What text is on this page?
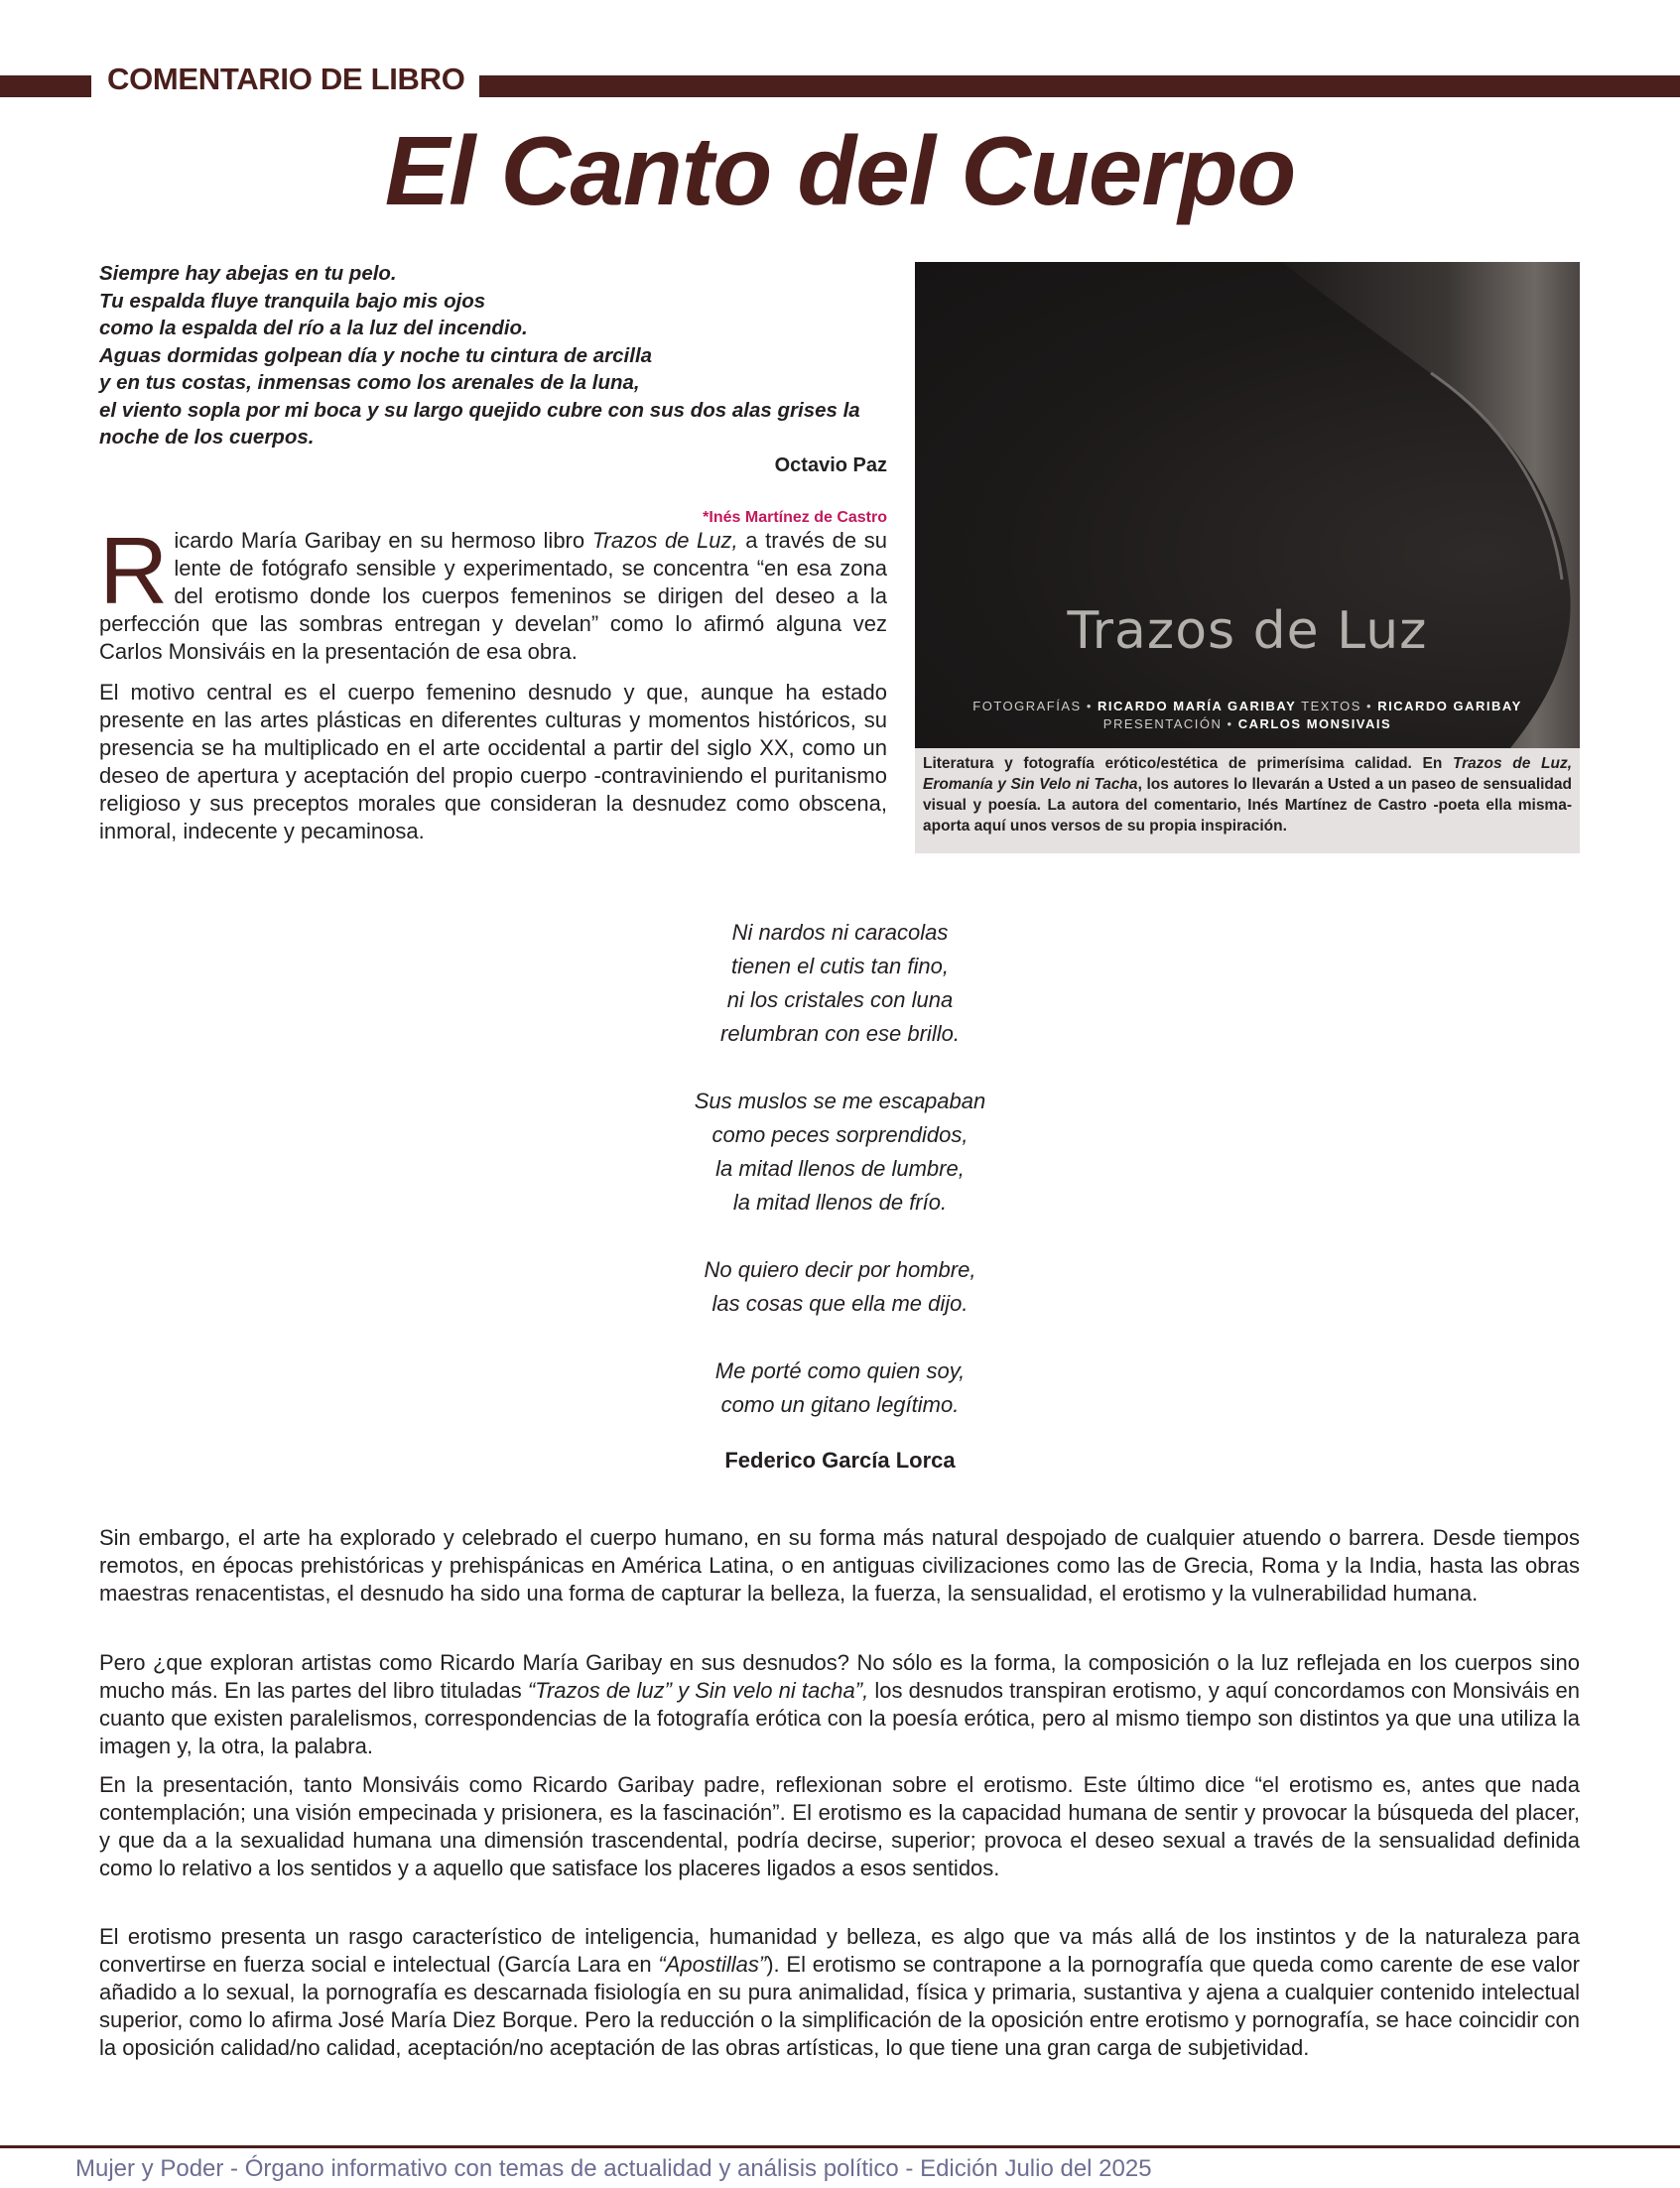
COMENTARIO DE LIBRO
El Canto del Cuerpo
Siempre hay abejas en tu pelo.
Tu espalda fluye tranquila bajo mis ojos
como la espalda del río a la luz del incendio.
Aguas dormidas golpean día y noche tu cintura de arcilla
y en tus costas, inmensas como los arenales de la luna,
el viento sopla por mi boca y su largo quejido cubre con sus dos alas grises la
noche de los cuerpos.
Octavio Paz
*Inés Martínez de Castro
Ricardo María Garibay en su hermoso libro Trazos de Luz, a través de su lente de fotógrafo sensible y experimentado, se concentra “en esa zona del erotismo donde los cuerpos femeninos se dirigen del deseo a la perfección que las sombras entregan y develan” como lo afirmó alguna vez Carlos Monsiváis en la presentación de esa obra.
El motivo central es el cuerpo femenino desnudo y que, aunque ha estado presente en las artes plásticas en diferentes culturas y momentos históricos, su presencia se ha multiplicado en el arte occidental a partir del siglo XX, como un deseo de apertura y aceptación del propio cuerpo -contraviniendo el puritanismo religioso y sus preceptos morales que consideran la desnudez como obscena, inmoral, indecente y pecaminosa.
Trazos de Luz
FOTOGRAFÍAS • RICARDO MARÍA GARIBAY TEXTOS • RICARDO GARIBAY
PRESENTACIÓN • CARLOS MONSIVAIS
Literatura y fotografía erótico/estética de primerísima calidad. En Trazos de Luz, Eromanía y Sin Velo ni Tacha, los autores lo llevarán a Usted a un paseo de sensualidad visual y poesía. La autora del comentario, Inés Martínez de Castro -poeta ella misma- aporta aquí unos versos de su propia inspiración.
Ni nardos ni caracolas
tienen el cutis tan fino,
ni los cristales con luna
relumbran con ese brillo.
Sus muslos se me escapaban
como peces sorprendidos,
la mitad llenos de lumbre,
la mitad llenos de frío.
No quiero decir por hombre,
las cosas que ella me dijo.
Me porté como quien soy,
como un gitano legítimo.
Federico García Lorca
Sin embargo, el arte ha explorado y celebrado el cuerpo humano, en su forma más natural despojado de cualquier atuendo o barrera. Desde tiempos remotos, en épocas prehistóricas y prehispánicas en América Latina, o en antiguas civilizaciones como las de Grecia, Roma y la India, hasta las obras maestras renacentistas, el desnudo ha sido una forma de capturar la belleza, la fuerza, la sensualidad, el erotismo y la vulnerabilidad humana.
Pero ¿que exploran artistas como Ricardo María Garibay en sus desnudos? No sólo es la forma, la composición o la luz reflejada en los cuerpos sino mucho más. En las partes del libro tituladas “Trazos de luz” y Sin velo ni tacha”, los desnudos transpiran erotismo, y aquí concordamos con Monsiváis en cuanto que existen paralelismos, correspondencias de la fotografía erótica con la poesía erótica, pero al mismo tiempo son distintos ya que una utiliza la imagen y, la otra, la palabra.
En la presentación, tanto Monsiváis como Ricardo Garibay padre, reflexionan sobre el erotismo. Este último dice “el erotismo es, antes que nada contemplación; una visión empecinada y prisionera, es la fascinación”. El erotismo es la capacidad humana de sentir y provocar la búsqueda del placer, y que da a la sexualidad humana una dimensión trascendental, podría decirse, superior; provoca el deseo sexual a través de la sensualidad definida como lo relativo a los sentidos y a aquello que satisface los placeres ligados a esos sentidos.
El erotismo presenta un rasgo característico de inteligencia, humanidad y belleza, es algo que va más allá de los instintos y de la naturaleza para convertirse en fuerza social e intelectual (García Lara en “Apostillas”). El erotismo se contrapone a la pornografía que queda como carente de ese valor añadido a lo sexual, la pornografía es descarnada fisiología en su pura animalidad, física y primaria, sustantiva y ajena a cualquier contenido intelectual superior, como lo afirma José María Diez Borque. Pero la reducción o la simplificación de la oposición entre erotismo y pornografía, se hace coincidir con la oposición calidad/no calidad, aceptación/no aceptación de las obras artísticas, lo que tiene una gran carga de subjetividad.
Mujer y Poder - Órgano informativo con temas de actualidad y análisis político - Edición Julio del 2025
